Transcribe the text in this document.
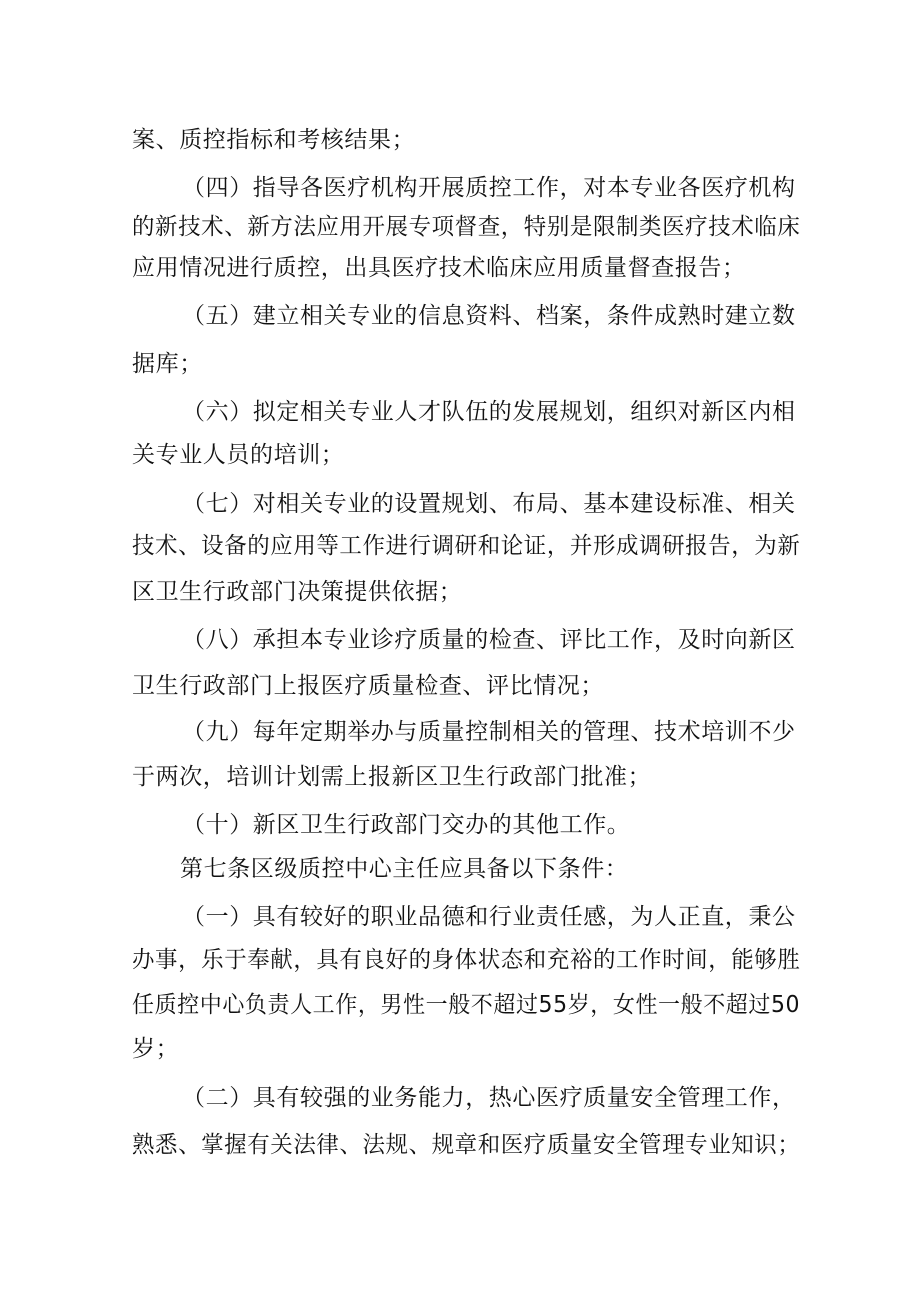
案、质控指标和考核结果；

（四）指导各医疗机构开展质控工作，对本专业各医疗机构

的新技术、新方法应用开展专项督查，特别是限制类医疗技术临床

应用情况进行质控，出具医疗技术临床应用质量督查报告；

（五）建立相关专业的信息资料、档案，条件成熟时建立数

据库；

（六）拟定相关专业人才队伍的发展规划，组织对新区内相

关专业人员的培训；

（七）对相关专业的设置规划、布局、基本建设标准、相关

技术、设备的应用等工作进行调研和论证，并形成调研报告，为新

区卫生行政部门决策提供依据；

（八）承担本专业诊疗质量的检查、评比工作，及时向新区

卫生行政部门上报医疗质量检查、评比情况；

（九）每年定期举办与质量控制相关的管理、技术培训不少

于两次，培训计划需上报新区卫生行政部门批准；

（十）新区卫生行政部门交办的其他工作。

第七条区级质控中心主任应具备以下条件：

（一）具有较好的职业品德和行业责任感，为人正直，秉公

办事，乐于奉献，具有良好的身体状态和充裕的工作时间，能够胜

任质控中心负责人工作，男性一般不超过55岁，女性一般不超过50

岁；

（二）具有较强的业务能力，热心医疗质量安全管理工作，

熟悉、掌握有关法律、法规、规章和医疗质量安全管理专业知识；
